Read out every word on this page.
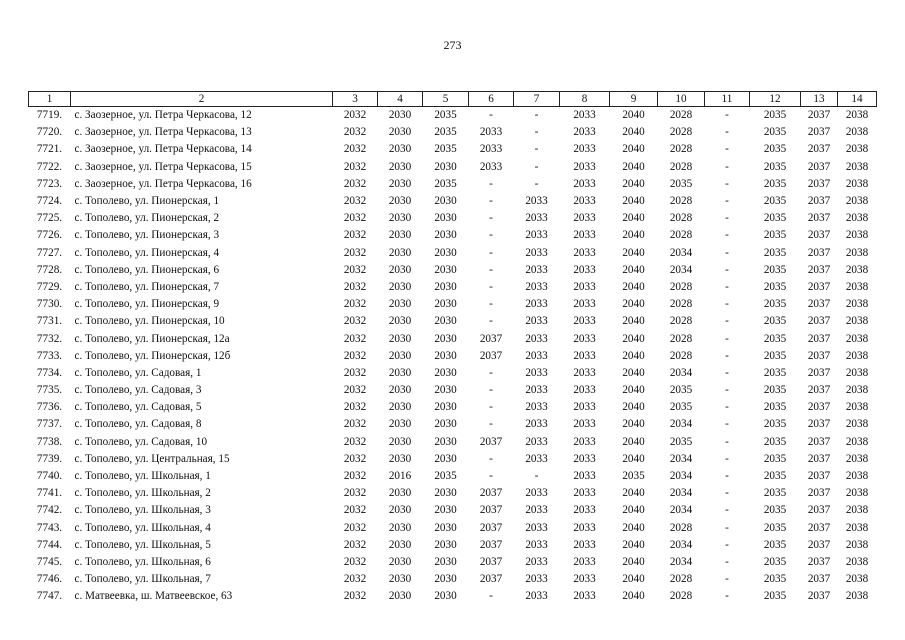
273
1	2	3	4	5	6	7	8	9	10	11	12	13	14
7719.	с. Заозерное, ул. Петра Черкасова, 12	2032	2030	2035	-	-	2033	2040	2028	-	2035	2037	2038
7720.	с. Заозерное, ул. Петра Черкасова, 13	2032	2030	2035	2033	-	2033	2040	2028	-	2035	2037	2038
7721.	с. Заозерное, ул. Петра Черкасова, 14	2032	2030	2035	2033	-	2033	2040	2028	-	2035	2037	2038
7722.	с. Заозерное, ул. Петра Черкасова, 15	2032	2030	2030	2033	-	2033	2040	2028	-	2035	2037	2038
7723.	с. Заозерное, ул. Петра Черкасова, 16	2032	2030	2035	-	-	2033	2040	2035	-	2035	2037	2038
7724.	с. Тополево, ул. Пионерская, 1	2032	2030	2030	-	2033	2033	2040	2028	-	2035	2037	2038
7725.	с. Тополево, ул. Пионерская, 2	2032	2030	2030	-	2033	2033	2040	2028	-	2035	2037	2038
7726.	с. Тополево, ул. Пионерская, 3	2032	2030	2030	-	2033	2033	2040	2028	-	2035	2037	2038
7727.	с. Тополево, ул. Пионерская, 4	2032	2030	2030	-	2033	2033	2040	2034	-	2035	2037	2038
7728.	с. Тополево, ул. Пионерская, 6	2032	2030	2030	-	2033	2033	2040	2034	-	2035	2037	2038
7729.	с. Тополево, ул. Пионерская, 7	2032	2030	2030	-	2033	2033	2040	2028	-	2035	2037	2038
7730.	с. Тополево, ул. Пионерская, 9	2032	2030	2030	-	2033	2033	2040	2028	-	2035	2037	2038
7731.	с. Тополево, ул. Пионерская, 10	2032	2030	2030	-	2033	2033	2040	2028	-	2035	2037	2038
7732.	с. Тополево, ул. Пионерская, 12а	2032	2030	2030	2037	2033	2033	2040	2028	-	2035	2037	2038
7733.	с. Тополево, ул. Пионерская, 12б	2032	2030	2030	2037	2033	2033	2040	2028	-	2035	2037	2038
7734.	с. Тополево, ул. Садовая, 1	2032	2030	2030	-	2033	2033	2040	2034	-	2035	2037	2038
7735.	с. Тополево, ул. Садовая, 3	2032	2030	2030	-	2033	2033	2040	2035	-	2035	2037	2038
7736.	с. Тополево, ул. Садовая, 5	2032	2030	2030	-	2033	2033	2040	2035	-	2035	2037	2038
7737.	с. Тополево, ул. Садовая, 8	2032	2030	2030	-	2033	2033	2040	2034	-	2035	2037	2038
7738.	с. Тополево, ул. Садовая, 10	2032	2030	2030	2037	2033	2033	2040	2035	-	2035	2037	2038
7739.	с. Тополево, ул. Центральная, 15	2032	2030	2030	-	2033	2033	2040	2034	-	2035	2037	2038
7740.	с. Тополево, ул. Школьная, 1	2032	2016	2035	-	-	2033	2035	2034	-	2035	2037	2038
7741.	с. Тополево, ул. Школьная, 2	2032	2030	2030	2037	2033	2033	2040	2034	-	2035	2037	2038
7742.	с. Тополево, ул. Школьная, 3	2032	2030	2030	2037	2033	2033	2040	2034	-	2035	2037	2038
7743.	с. Тополево, ул. Школьная, 4	2032	2030	2030	2037	2033	2033	2040	2028	-	2035	2037	2038
7744.	с. Тополево, ул. Школьная, 5	2032	2030	2030	2037	2033	2033	2040	2034	-	2035	2037	2038
7745.	с. Тополево, ул. Школьная, 6	2032	2030	2030	2037	2033	2033	2040	2034	-	2035	2037	2038
7746.	с. Тополево, ул. Школьная, 7	2032	2030	2030	2037	2033	2033	2040	2028	-	2035	2037	2038
7747.	с. Матвеевка, ш. Матвеевское, 63	2032	2030	2030	-	2033	2033	2040	2028	-	2035	2037	2038
